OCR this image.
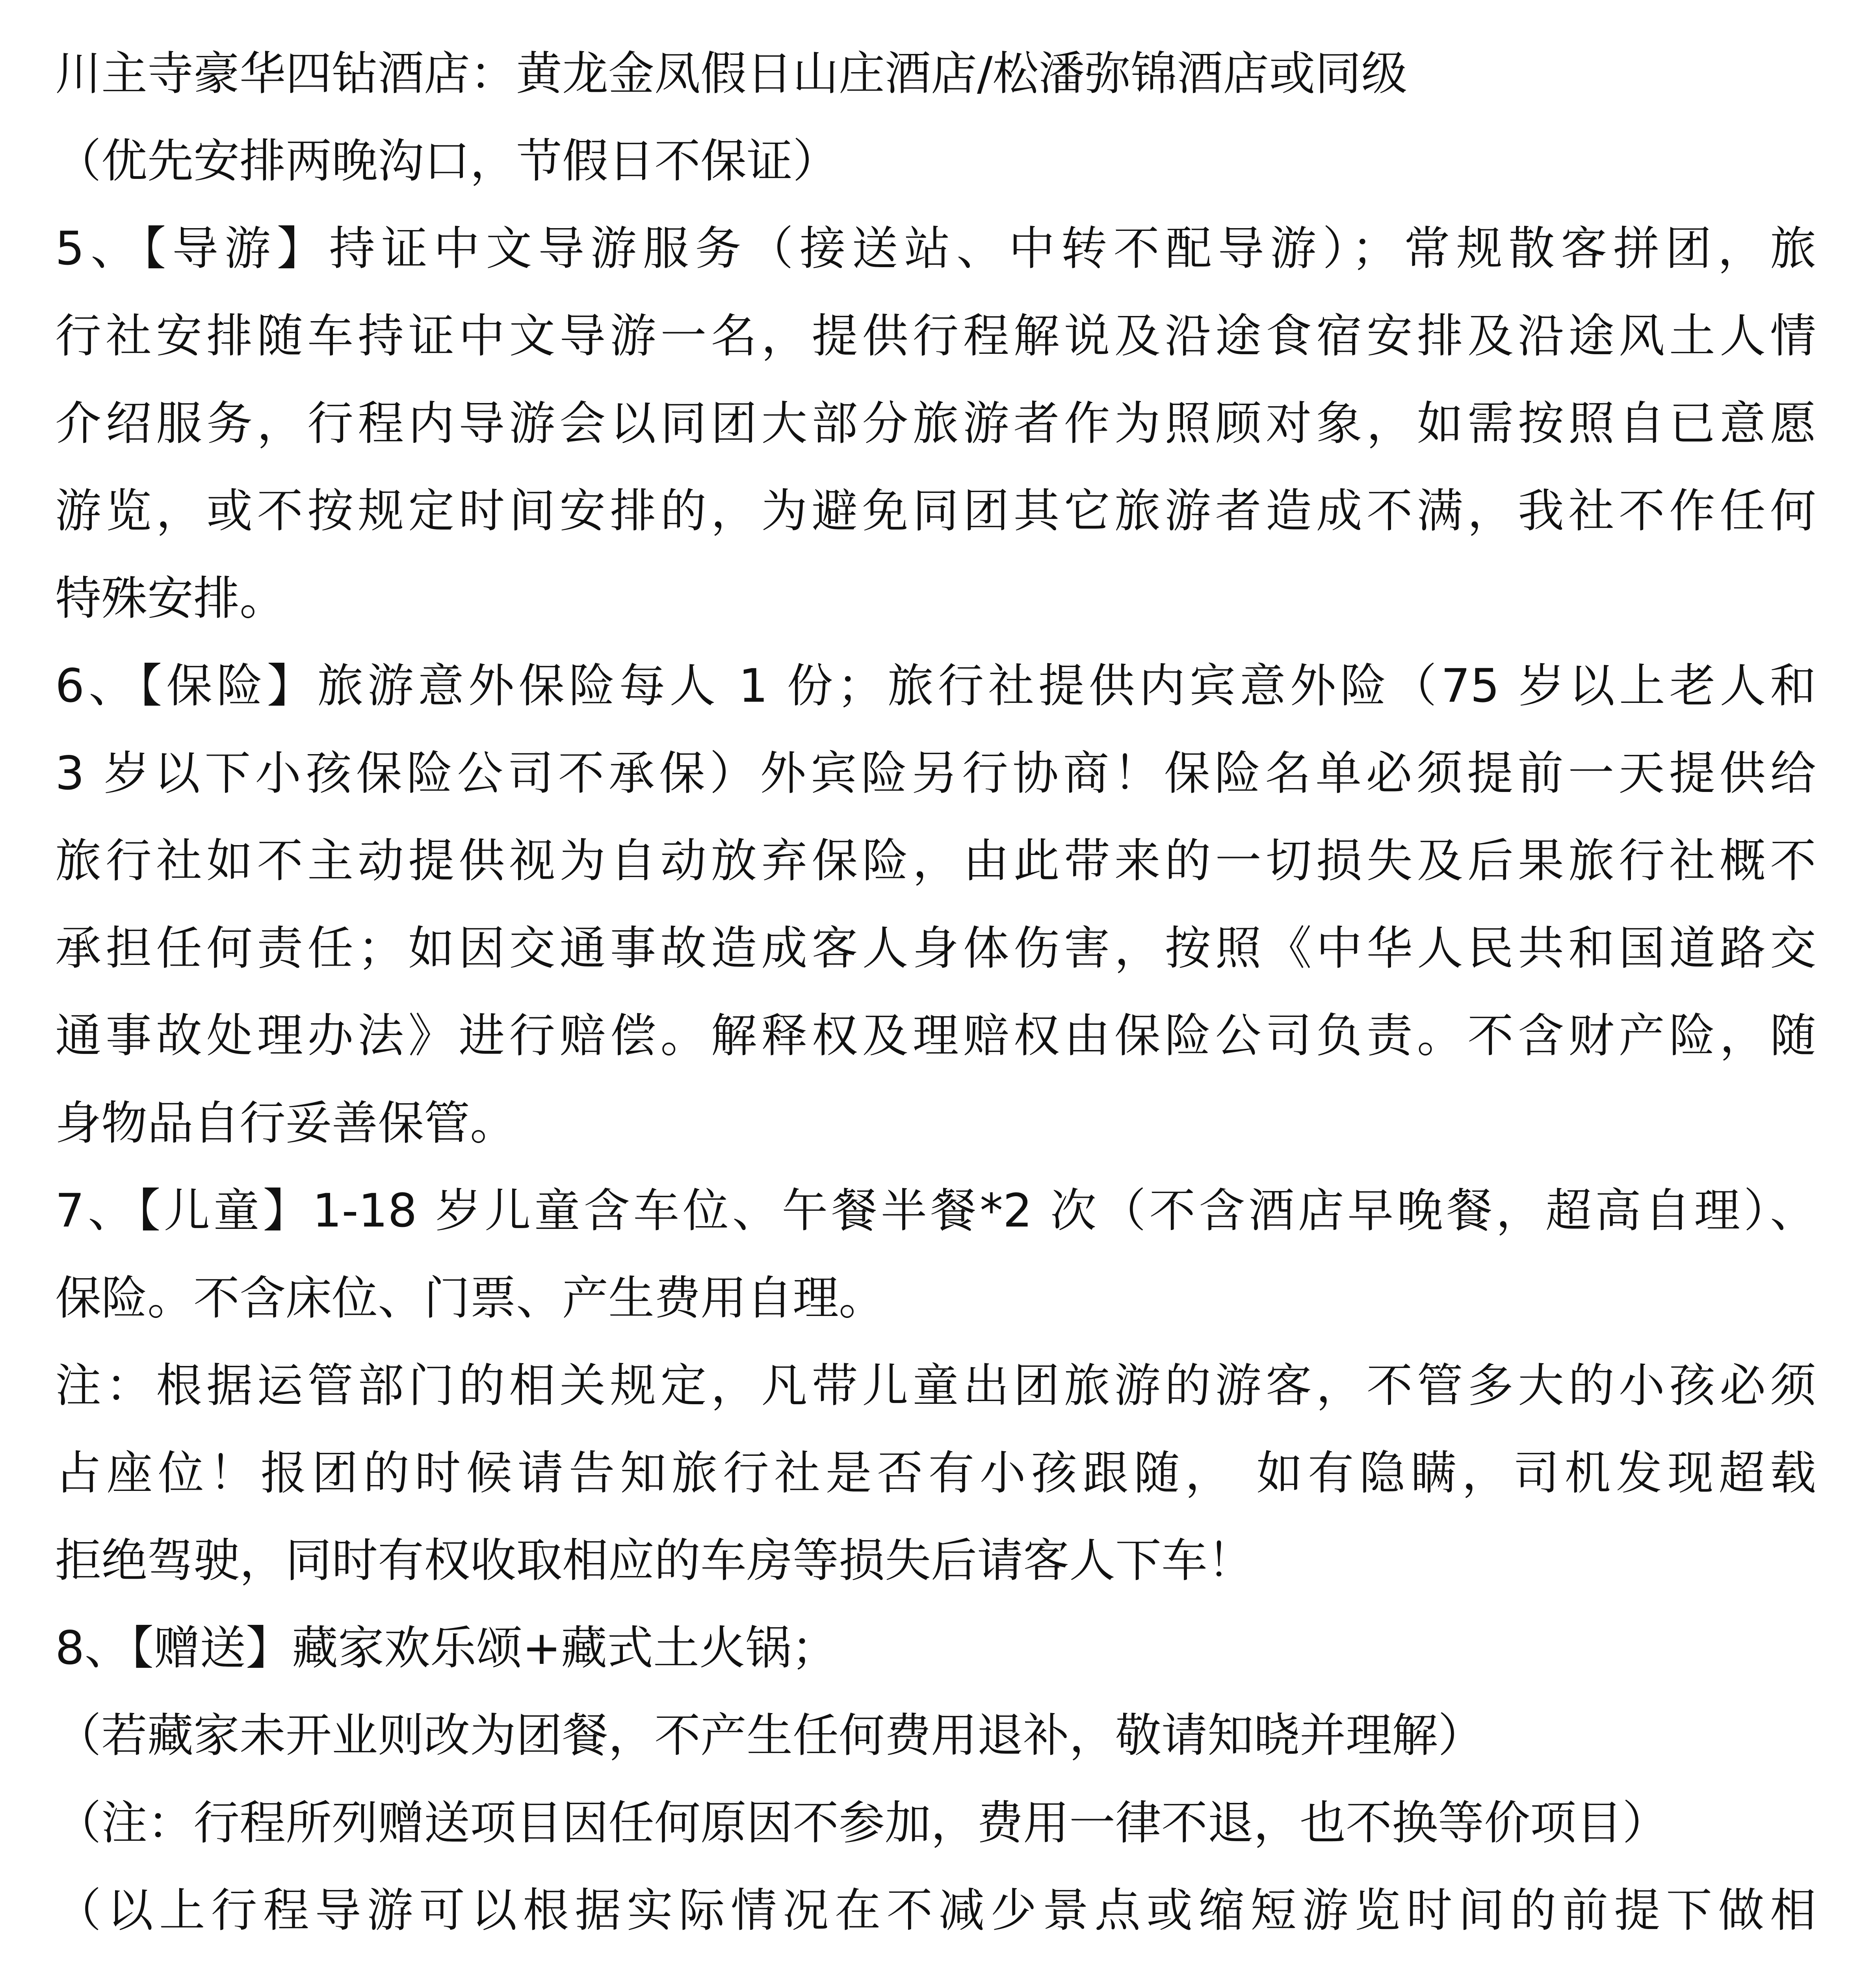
川主寺豪华四钻酒店：黄龙金凤假日山庄酒店/松潘弥锦酒店或同级
（优先安排两晚沟口，节假日不保证）
5、【导游】持证中文导游服务（接送站、中转不配导游）；常规散客拼团，旅
行社安排随车持证中文导游一名，提供行程解说及沿途食宿安排及沿途风土人情
介绍服务，行程内导游会以同团大部分旅游者作为照顾对象，如需按照自已意愿
游览，或不按规定时间安排的，为避免同团其它旅游者造成不满，我社不作任何
特殊安排。
6、【保险】旅游意外保险每人 1 份；旅行社提供内宾意外险（75 岁以上老人和
3 岁以下小孩保险公司不承保）外宾险另行协商！保险名单必须提前一天提供给
旅行社如不主动提供视为自动放弃保险，由此带来的一切损失及后果旅行社概不
承担任何责任；如因交通事故造成客人身体伤害，按照《中华人民共和国道路交
通事故处理办法》进行赔偿。解释权及理赔权由保险公司负责。不含财产险，随
身物品自行妥善保管。
7、【儿童】1-18 岁儿童含车位、午餐半餐*2 次（不含酒店早晚餐，超高自理）、
保险。不含床位、门票、产生费用自理。
注：根据运管部门的相关规定，凡带儿童出团旅游的游客，不管多大的小孩必须
占座位！报团的时候请告知旅行社是否有小孩跟随， 如有隐瞒，司机发现超载
拒绝驾驶，同时有权收取相应的车房等损失后请客人下车！
8、【赠送】藏家欢乐颂+藏式土火锅；
（若藏家未开业则改为团餐，不产生任何费用退补，敬请知晓并理解）
（注：行程所列赠送项目因任何原因不参加，费用一律不退，也不换等价项目）
（以上行程导游可以根据实际情况在不减少景点或缩短游览时间的前提下做相
